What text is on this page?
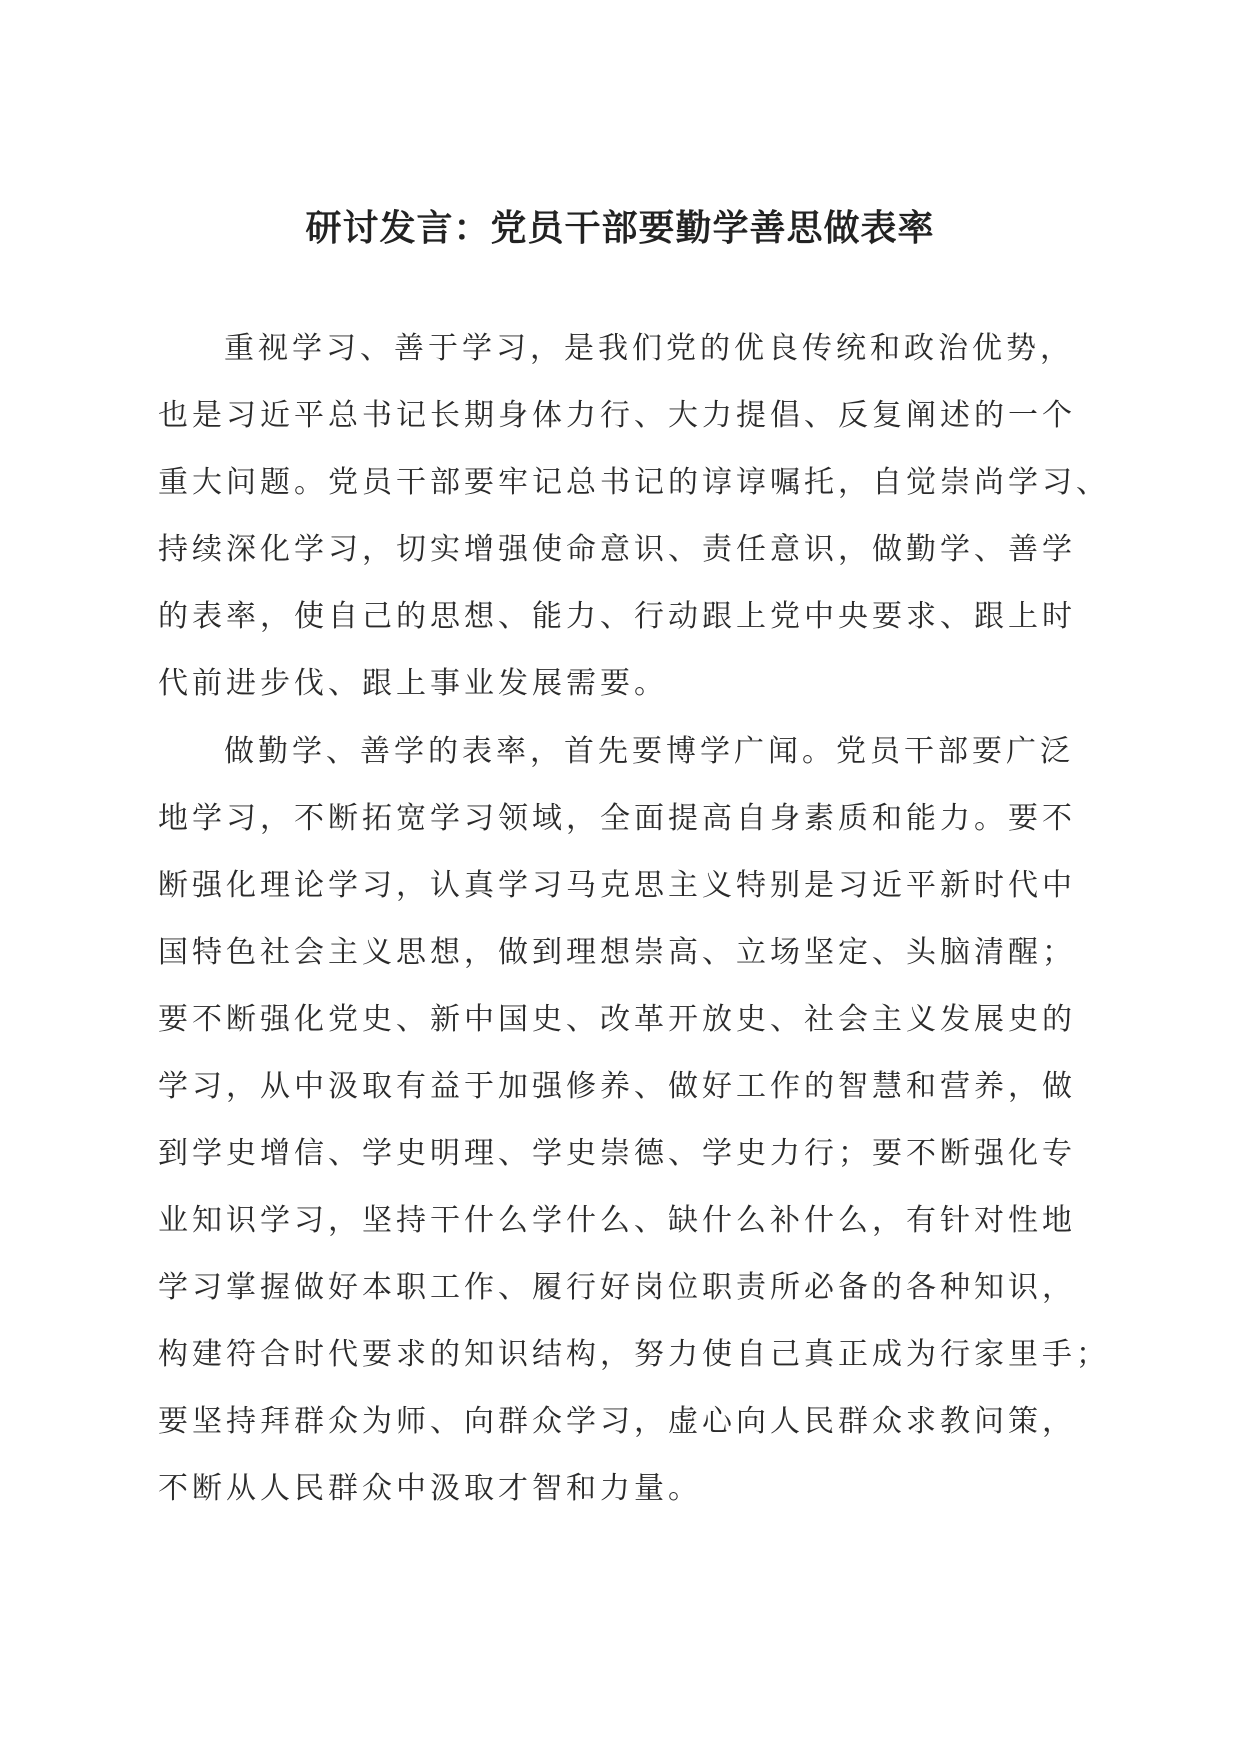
研讨发言：党员干部要勤学善思做表率
重视学习、善于学习，是我们党的优良传统和政治优势，
也是习近平总书记长期身体力行、大力提倡、反复阐述的一个
重大问题。党员干部要牢记总书记的谆谆嘱托，自觉崇尚学习、
持续深化学习，切实增强使命意识、责任意识，做勤学、善学
的表率，使自己的思想、能力、行动跟上党中央要求、跟上时
代前进步伐、跟上事业发展需要。
做勤学、善学的表率，首先要博学广闻。党员干部要广泛
地学习，不断拓宽学习领域，全面提高自身素质和能力。要不
断强化理论学习，认真学习马克思主义特别是习近平新时代中
国特色社会主义思想，做到理想崇高、立场坚定、头脑清醒；
要不断强化党史、新中国史、改革开放史、社会主义发展史的
学习，从中汲取有益于加强修养、做好工作的智慧和营养，做
到学史增信、学史明理、学史崇德、学史力行；要不断强化专
业知识学习，坚持干什么学什么、缺什么补什么，有针对性地
学习掌握做好本职工作、履行好岗位职责所必备的各种知识，
构建符合时代要求的知识结构，努力使自己真正成为行家里手；
要坚持拜群众为师、向群众学习，虚心向人民群众求教问策，
不断从人民群众中汲取才智和力量。
